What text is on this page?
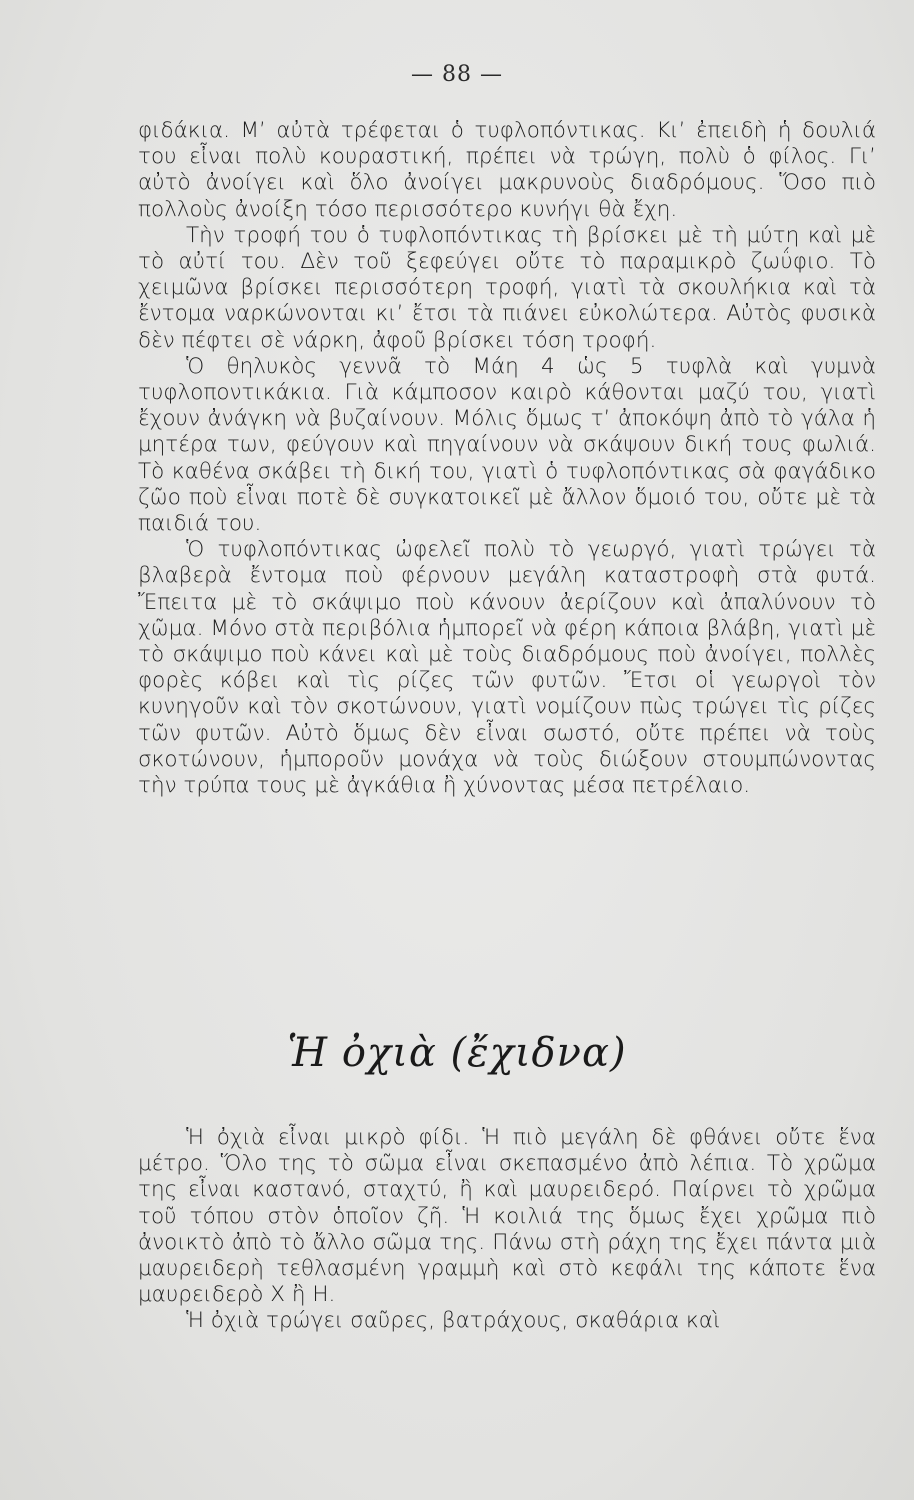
— 88 —

φιδάκια. Μ’ αὐτὰ τρέφεται ὁ τυφλοπόντικας. Κι’ ἐπειδὴ ἡ δουλιά του εἶναι πολὺ κουραστική, πρέπει νὰ τρώγη, πολὺ ὁ φίλος. Γι’ αὐτὸ ἀνοίγει καὶ ὅλο ἀνοίγει μακρυνοὺς διαδρόμους. Ὅσο πιὸ πολλοὺς ἀνοίξη τόσο περισσότερο κυνήγι θὰ ἔχη.

Τὴν τροφή του ὁ τυφλοπόντικας τὴ βρίσκει μὲ τὴ μύτη καὶ μὲ τὸ αὐτί του. Δὲν τοῦ ξεφεύγει οὔτε τὸ παραμικρὸ ζωΰφιο. Τὸ χειμῶνα βρίσκει περισσότερη τροφή, γιατὶ τὰ σκουλήκια καὶ τὰ ἔντομα ναρκώνονται κι’ ἔτσι τὰ πιάνει εὐκολώτερα. Αὐτὸς φυσικὰ δὲν πέφτει σὲ νάρκη, ἀφοῦ βρίσκει τόση τροφή.

Ὁ θηλυκὸς γεννᾶ τὸ Μάη 4 ὡς 5 τυφλὰ καὶ γυμνὰ τυφλοποντικάκια. Γιὰ κάμποσον καιρὸ κάθονται μαζύ του, γιατὶ ἔχουν ἀνάγκη νὰ βυζαίνουν. Μόλις ὅμως τ’ ἀποκόψη ἀπὸ τὸ γάλα ἡ μητέρα των, φεύγουν καὶ πηγαίνουν νὰ σκάψουν δική τους φωλιά. Τὸ καθένα σκάβει τὴ δική του, γιατὶ ὁ τυφλοπόντικας σὰ φαγάδικο ζῶο ποὺ εἶναι ποτὲ δὲ συγκατοικεῖ μὲ ἄλλον ὅμοιό του, οὔτε μὲ τὰ παιδιά του.

Ὁ τυφλοπόντικας ὠφελεῖ πολὺ τὸ γεωργό, γιατὶ τρώγει τὰ βλαβερὰ ἔντομα ποὺ φέρνουν μεγάλη καταστροφὴ στὰ φυτά. Ἔπειτα μὲ τὸ σκάψιμο ποὺ κάνουν ἀερίζουν καὶ ἀπαλύνουν τὸ χῶμα. Μόνο στὰ περιβόλια ἡμπορεῖ νὰ φέρη κάποια βλάβη, γιατὶ μὲ τὸ σκάψιμο ποὺ κάνει καὶ μὲ τοὺς διαδρόμους ποὺ ἀνοίγει, πολλὲς φορὲς κόβει καὶ τὶς ρίζες τῶν φυτῶν. Ἔτσι οἱ γεωργοὶ τὸν κυνηγοῦν καὶ τὸν σκοτώνουν, γιατὶ νομίζουν πὼς τρώγει τὶς ρίζες τῶν φυτῶν. Αὐτὸ ὅμως δὲν εἶναι σωστό, οὔτε πρέπει νὰ τοὺς σκοτώνουν, ἡμποροῦν μονάχα νὰ τοὺς διώξουν στουμπώνοντας τὴν τρύπα τους μὲ ἀγκάθια ἢ χύνοντας μέσα πετρέλαιο.

Ἡ ὀχιὰ (ἔχιδνα)

Ἡ ὀχιὰ εἶναι μικρὸ φίδι. Ἡ πιὸ μεγάλη δὲ φθάνει οὔτε ἕνα μέτρο. Ὅλο της τὸ σῶμα εἶναι σκεπασμένο ἀπὸ λέπια. Τὸ χρῶμα της εἶναι καστανό, σταχτύ, ἢ καὶ μαυρειδερό. Παίρνει τὸ χρῶμα τοῦ τόπου στὸν ὁποῖον ζῆ. Ἡ κοιλιά της ὅμως ἔχει χρῶμα πιὸ ἀνοικτὸ ἀπὸ τὸ ἄλλο σῶμα της. Πάνω στὴ ράχη της ἔχει πάντα μιὰ μαυρειδερὴ τεθλασμένη γραμμὴ καὶ στὸ κεφάλι της κάποτε ἕνα μαυρειδερὸ Χ ἢ Η.

Ἡ ὀχιὰ τρώγει σαῦρες, βατράχους, σκαθάρια καὶ
